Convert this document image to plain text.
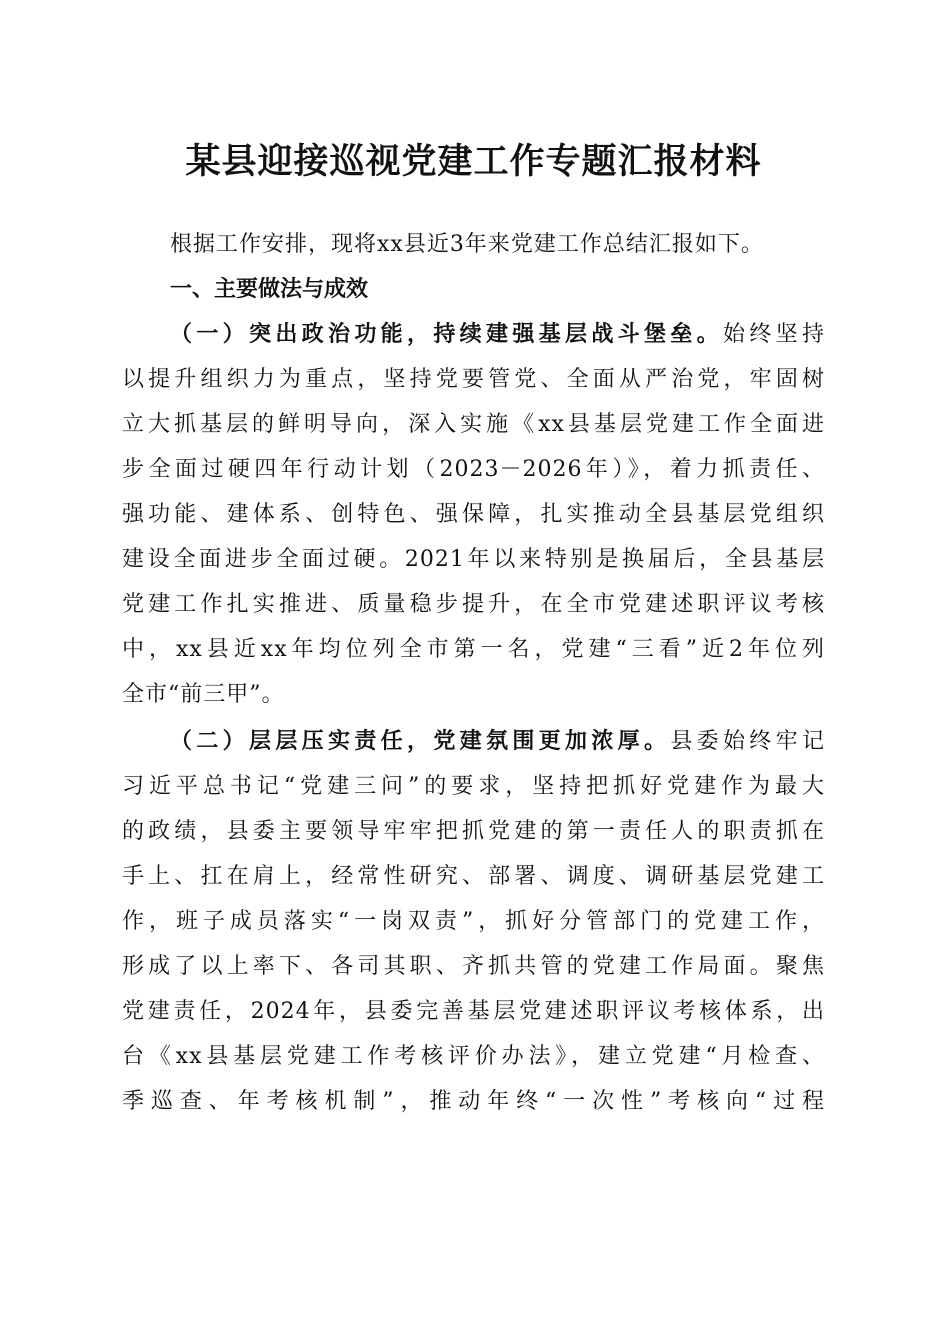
某县迎接巡视党建工作专题汇报材料

根据工作安排，现将xx县近3年来党建工作总结汇报如下。

一、主要做法与成效
（一）突出政治功能，持续建强基层战斗堡垒。始终坚持
以提升组织力为重点，坚持党要管党、全面从严治党，牢固树
立大抓基层的鲜明导向，深入实施《xx县基层党建工作全面进
步全面过硬四年行动计划（2023－2026年）》，着力抓责任、
强功能、建体系、创特色、强保障，扎实推动全县基层党组织
建设全面进步全面过硬。2021年以来特别是换届后，全县基层
党建工作扎实推进、质量稳步提升，在全市党建述职评议考核
中，xx县近xx年均位列全市第一名，党建“三看”近2年位列
全市“前三甲”。
（二）层层压实责任，党建氛围更加浓厚。县委始终牢记
习近平总书记“党建三问”的要求，坚持把抓好党建作为最大
的政绩，县委主要领导牢牢把抓党建的第一责任人的职责抓在
手上、扛在肩上，经常性研究、部署、调度、调研基层党建工
作，班子成员落实“一岗双责”，抓好分管部门的党建工作，
形成了以上率下、各司其职、齐抓共管的党建工作局面。聚焦
党建责任，2024年，县委完善基层党建述职评议考核体系，出
台《xx县基层党建工作考核评价办法》，建立党建“月检查、
季巡查、年考核机制”，推动年终“一次性”考核向“过程
